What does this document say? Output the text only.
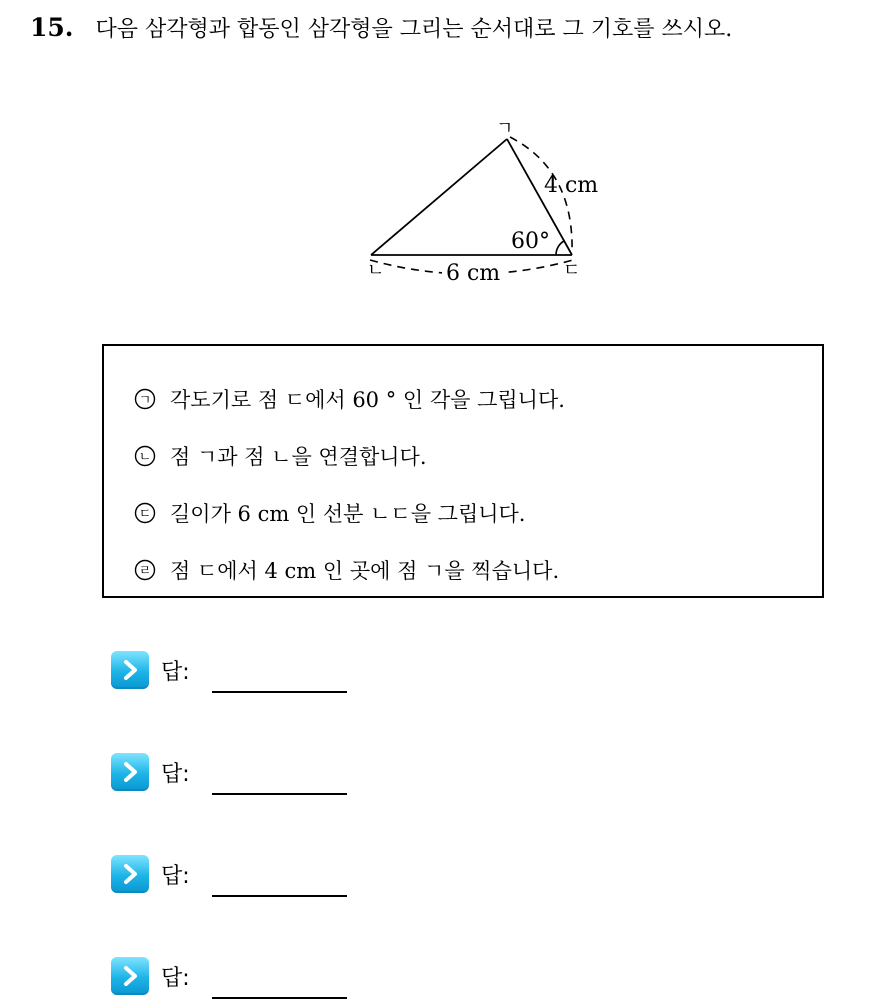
15. 다음 삼각형과 합동인 삼각형을 그리는 순서대로 그 기호를 쓰시오.
6 cm
4 cm
60°
ㄱ
ㄴ	ㄷ
ㄱ 각도기로 점 ㄷ에서 60 ° 인 각을 그립니다.
ㄴ 점 ㄱ과 점 ㄴ을 연결합니다.
ㄷ 길이가 6 cm 인 선분 ㄴㄷ을 그립니다.
ㄹ 점 ㄷ에서 4 cm 인 곳에 점 ㄱ을 찍습니다.
답:
답:
답:
답:
